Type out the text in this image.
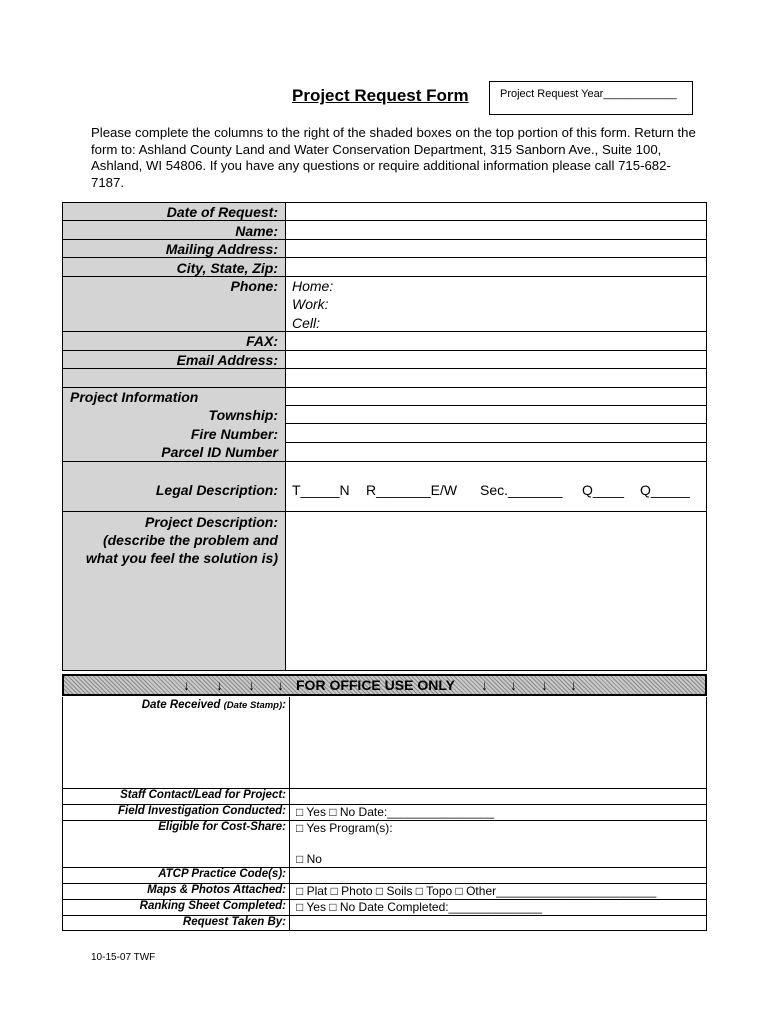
Project Request Form	Project Request Year____________
Please complete the columns to the right of the shaded boxes on the top portion of this form. Return the form to: Ashland County Land and Water Conservation Department, 315 Sanborn Ave., Suite 100, Ashland, WI 54806. If you have any questions or require additional information please call 715-682-7187.
Date of Request:
Name:
Mailing Address:
City, State, Zip:
Phone: Home:
Work:
Cell:
FAX:
Email Address:
Project Information
Township:
Fire Number:
Parcel ID Number
Legal Description: T_____N R_______E/W Sec._______ Q____ Q_____
Project Description:
(describe the problem and
what you feel the solution is)
↓ ↓ ↓ ↓ FOR OFFICE USE ONLY ↓ ↓ ↓ ↓
Date Received (Date Stamp):
Staff Contact/Lead for Project:
Field Investigation Conducted: □ Yes □ No Date:________________
Eligible for Cost-Share: □ Yes Program(s):
□ No
ATCP Practice Code(s):
Maps & Photos Attached: □ Plat □ Photo □ Soils □ Topo □ Other________________________
Ranking Sheet Completed: □ Yes □ No Date Completed:______________
Request Taken By:
10-15-07 TWF
